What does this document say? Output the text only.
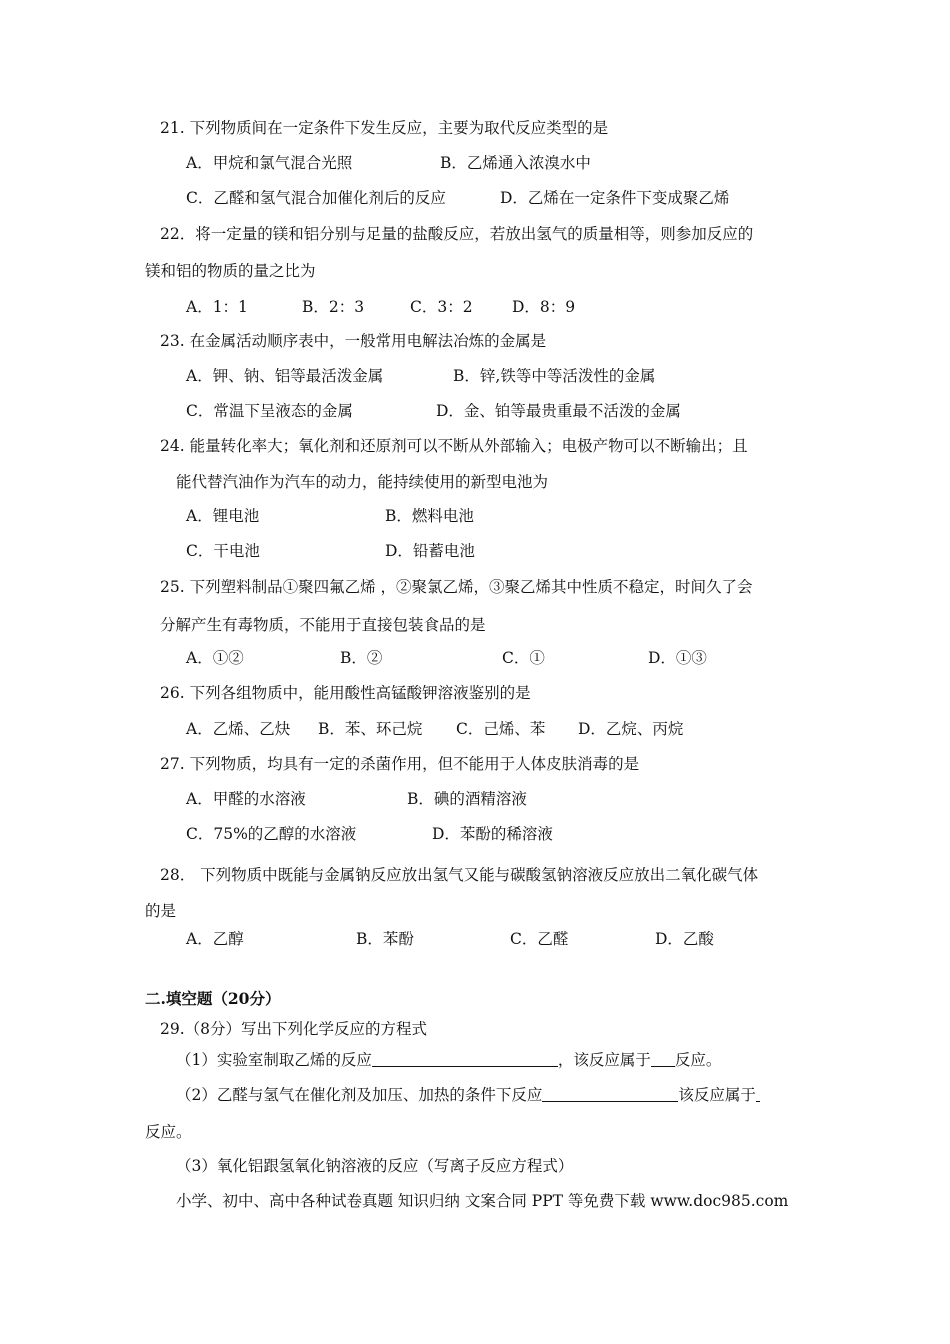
21. 下列物质间在一定条件下发生反应，主要为取代反应类型的是
A．甲烷和氯气混合光照	B．乙烯通入浓溴水中
C．乙醛和氢气混合加催化剂后的反应	D．乙烯在一定条件下变成聚乙烯
22．将一定量的镁和铝分别与足量的盐酸反应，若放出氢气的质量相等，则参加反应的
镁和铝的物质的量之比为
A．1：1	B．2：3	C．3：2	D．8：9
23. 在金属活动顺序表中，一般常用电解法冶炼的金属是
A．钾、钠、铝等最活泼金属	B．锌,铁等中等活泼性的金属
C．常温下呈液态的金属	D．金、铂等最贵重最不活泼的金属
24. 能量转化率大；氧化剂和还原剂可以不断从外部输入；电极产物可以不断输出；且
能代替汽油作为汽车的动力，能持续使用的新型电池为
A．锂电池	B．燃料电池
C．干电池	D．铅蓄电池
25. 下列塑料制品①聚四氟乙烯 ，②聚氯乙烯，③聚乙烯其中性质不稳定，时间久了会
分解产生有毒物质，不能用于直接包装食品的是
A．①②	B．②	C．①	D．①③
26. 下列各组物质中，能用酸性高锰酸钾溶液鉴别的是
A．乙烯、乙炔 B．苯、环己烷 C．己烯、苯 D．乙烷、丙烷
27. 下列物质，均具有一定的杀菌作用，但不能用于人体皮肤消毒的是
A．甲醛的水溶液	B．碘的酒精溶液
C．75%的乙醇的水溶液	D．苯酚的稀溶液
28． 下列物质中既能与金属钠反应放出氢气又能与碳酸氢钠溶液反应放出二氧化碳气体
的是
A．乙醇	B．苯酚	C．乙醛	D．乙酸
二.填空题（20分）
29.（8分）写出下列化学反应的方程式
（1）实验室制取乙烯的反应	，该反应属于 反应。
（2）乙醛与氢气在催化剂及加压、加热的条件下反应	该反应属于
反应。
（3）氧化铝跟氢氧化钠溶液的反应（写离子反应方程式）
小学、初中、高中各种试卷真题 知识归纳 文案合同 PPT 等免费下载 www.doc985.com
